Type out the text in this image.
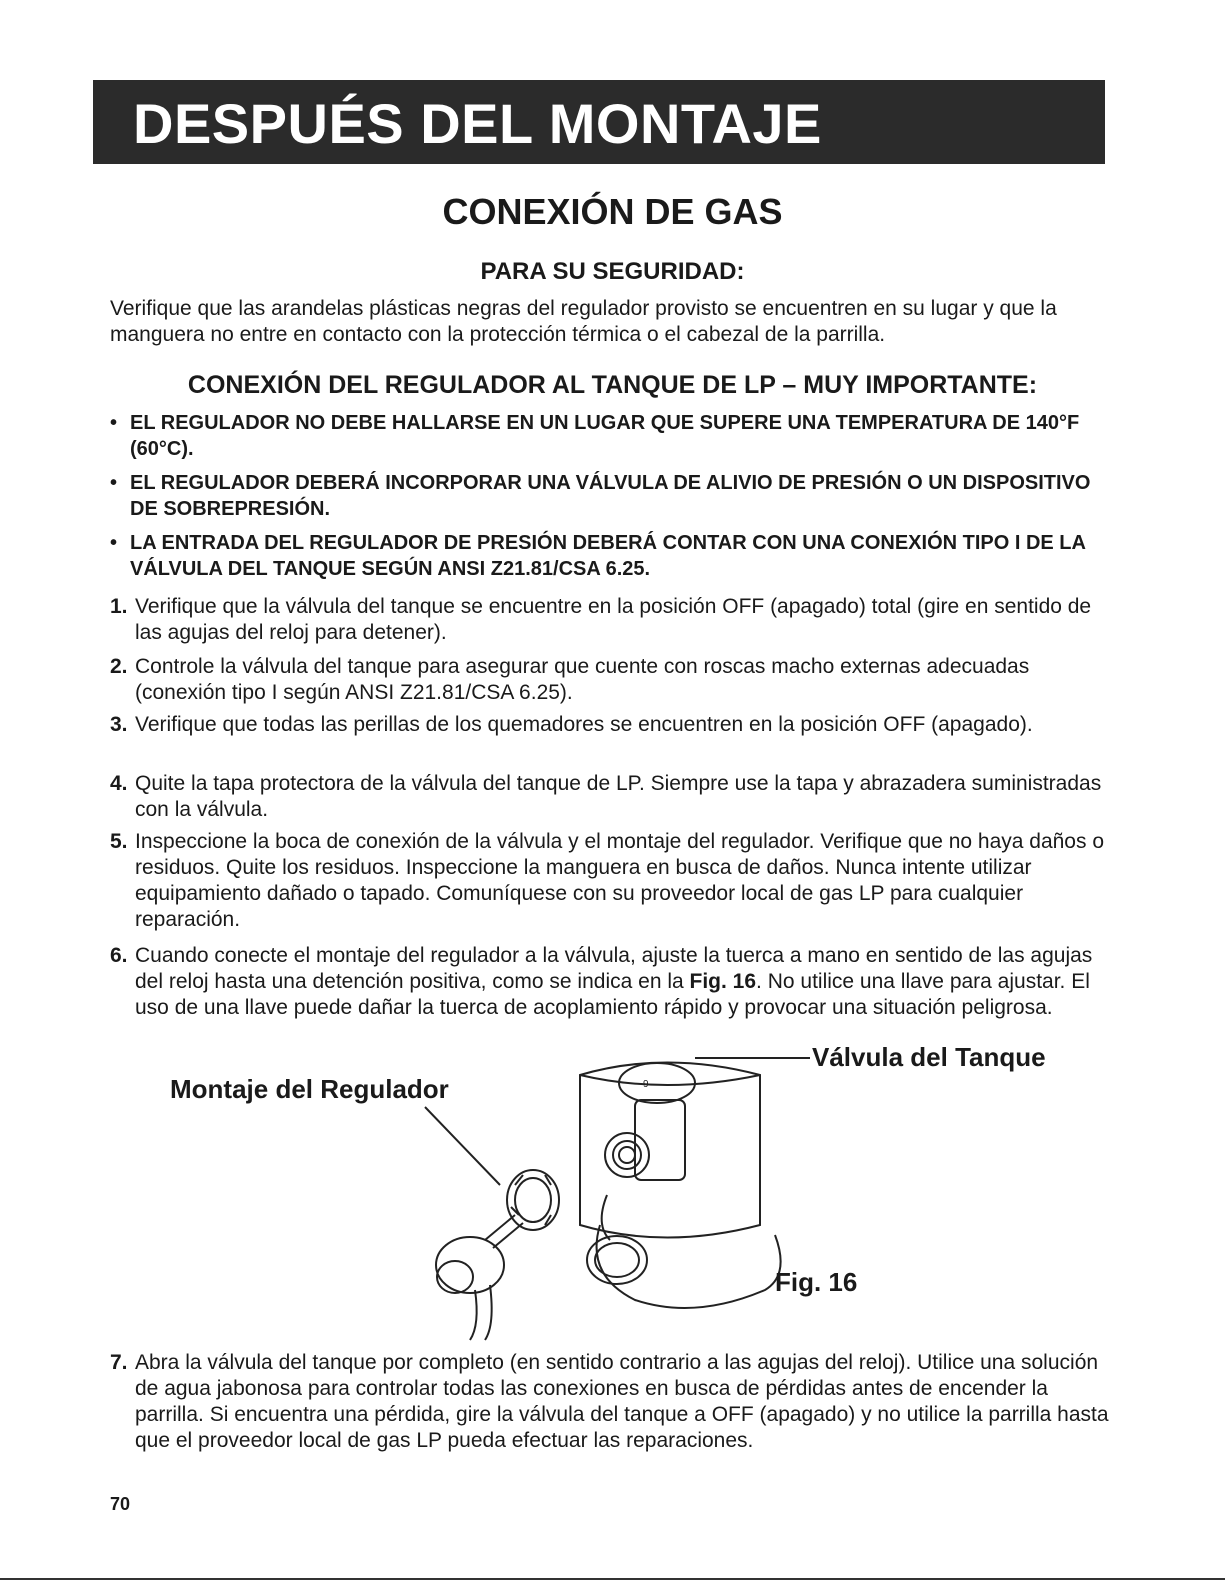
DESPUÉS DEL MONTAJE
CONEXIÓN DE GAS
PARA SU SEGURIDAD:
Verifique que las arandelas plásticas negras del regulador provisto se encuentren en su lugar y que la manguera no entre en contacto con la protección térmica o el cabezal de la parrilla.
CONEXIÓN DEL REGULADOR AL TANQUE DE LP – MUY IMPORTANTE:
• EL REGULADOR NO DEBE HALLARSE EN UN LUGAR QUE SUPERE UNA TEMPERATURA DE 140°F (60°C).
• EL REGULADOR DEBERÁ INCORPORAR UNA VÁLVULA DE ALIVIO DE PRESIÓN O UN DISPOSITIVO DE SOBREPRESIÓN.
• LA ENTRADA DEL REGULADOR DE PRESIÓN DEBERÁ CONTAR CON UNA CONEXIÓN TIPO I DE LA VÁLVULA DEL TANQUE SEGÚN ANSI Z21.81/CSA 6.25.
1. Verifique que la válvula del tanque se encuentre en la posición OFF (apagado) total (gire en sentido de las agujas del reloj para detener).
2. Controle la válvula del tanque para asegurar que cuente con roscas macho externas adecuadas (conexión tipo I según ANSI Z21.81/CSA 6.25).
3. Verifique que todas las perillas de los quemadores se encuentren en la posición OFF (apagado).
4. Quite la tapa protectora de la válvula del tanque de LP. Siempre use la tapa y abrazadera suministradas con la válvula.
5. Inspeccione la boca de conexión de la válvula y el montaje del regulador. Verifique que no haya daños o residuos. Quite los residuos. Inspeccione la manguera en busca de daños. Nunca intente utilizar equipamiento dañado o tapado. Comuníquese con su proveedor local de gas LP para cualquier reparación.
6. Cuando conecte el montaje del regulador a la válvula, ajuste la tuerca a mano en sentido de las agujas del reloj hasta una detención positiva, como se indica en la Fig. 16. No utilice una llave para ajustar. El uso de una llave puede dañar la tuerca de acoplamiento rápido y provocar una situación peligrosa.
Válvula del Tanque
Montaje del Regulador	9
Fig. 16
7. Abra la válvula del tanque por completo (en sentido contrario a las agujas del reloj). Utilice una solución de agua jabonosa para controlar todas las conexiones en busca de pérdidas antes de encender la parrilla. Si encuentra una pérdida, gire la válvula del tanque a OFF (apagado) y no utilice la parrilla hasta que el proveedor local de gas LP pueda efectuar las reparaciones.
70
